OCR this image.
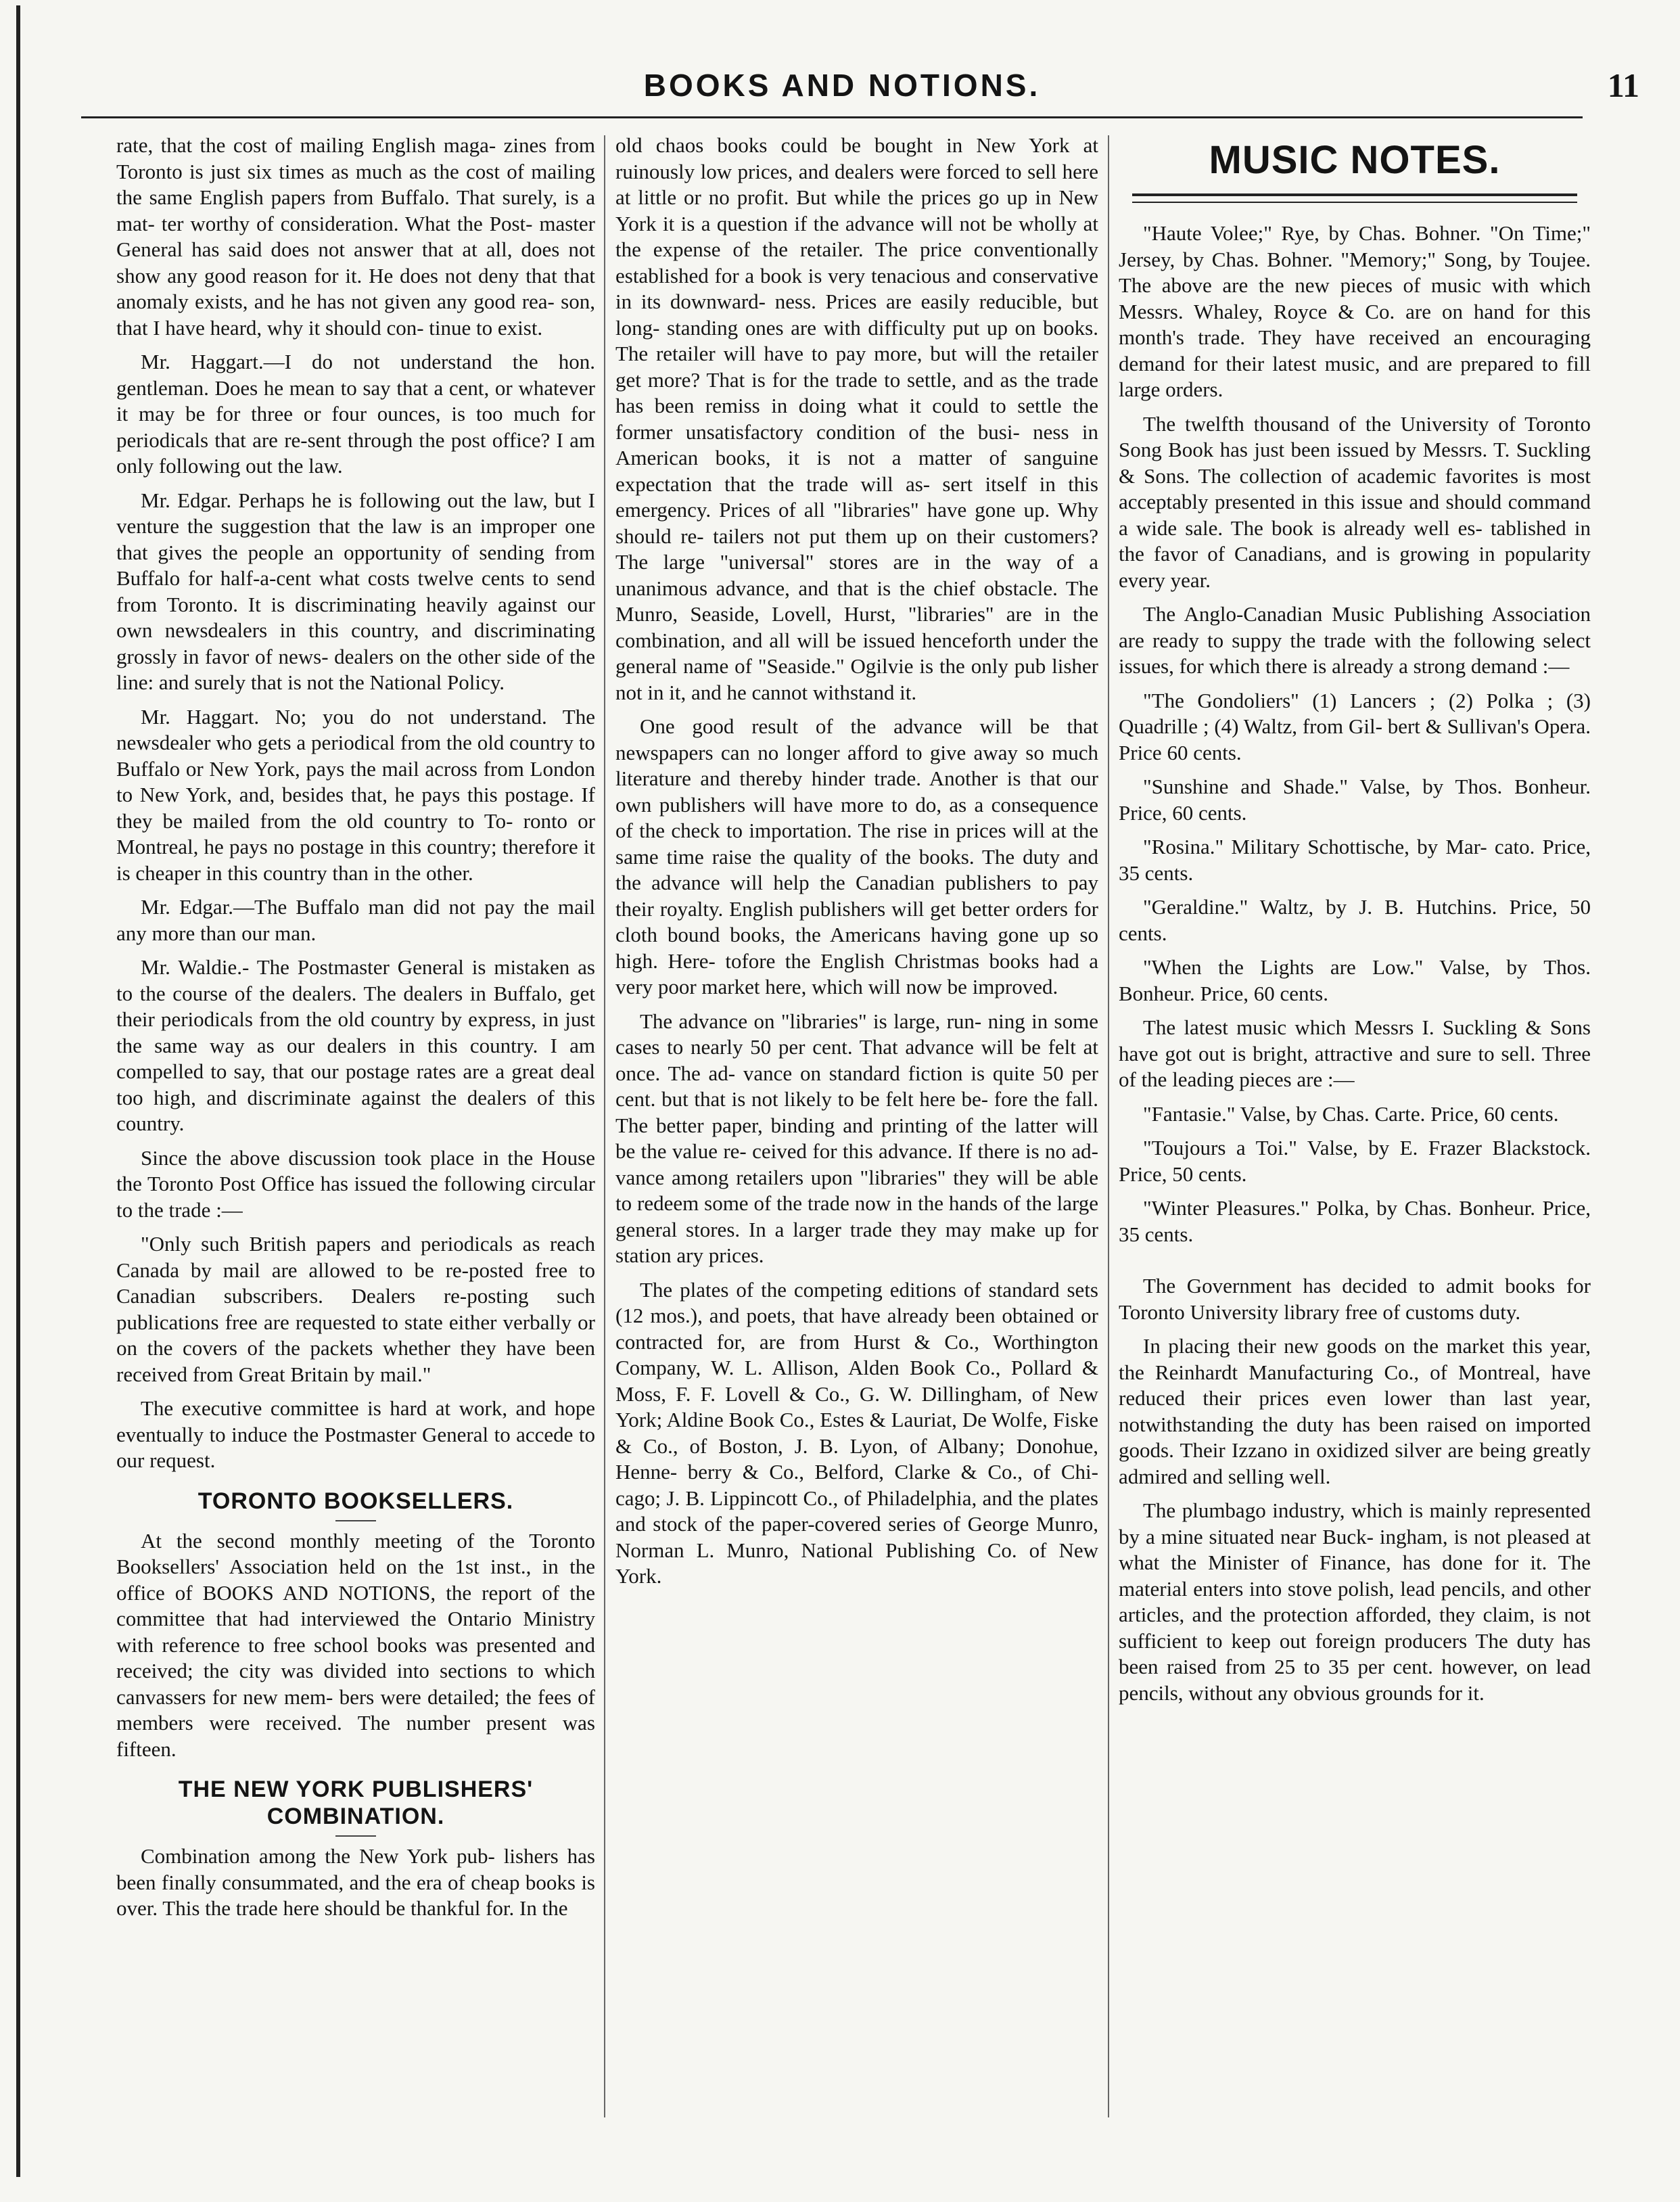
BOOKS AND NOTIONS.	11

rate, that the cost of mailing English maga- zines from Toronto is just six times as much as the cost of mailing the same English papers from Buffalo. That surely, is a mat- ter worthy of consideration. What the Post- master General has said does not answer that at all, does not show any good reason for it. He does not deny that that anomaly exists, and he has not given any good rea- son, that I have heard, why it should con- tinue to exist.

Mr. Haggart.—I do not understand the hon. gentleman. Does he mean to say that a cent, or whatever it may be for three or four ounces, is too much for periodicals that are re-sent through the post office? I am only following out the law.

Mr. Edgar. Perhaps he is following out the law, but I venture the suggestion that the law is an improper one that gives the people an opportunity of sending from Buffalo for half-a-cent what costs twelve cents to send from Toronto. It is discriminating heavily against our own newsdealers in this country, and discriminating grossly in favor of news- dealers on the other side of the line: and surely that is not the National Policy.

Mr. Haggart. No; you do not understand. The newsdealer who gets a periodical from the old country to Buffalo or New York, pays the mail across from London to New York, and, besides that, he pays this postage. If they be mailed from the old country to To- ronto or Montreal, he pays no postage in this country; therefore it is cheaper in this country than in the other.

Mr. Edgar.—The Buffalo man did not pay the mail any more than our man.

Mr. Waldie.- The Postmaster General is mistaken as to the course of the dealers. The dealers in Buffalo, get their periodicals from the old country by express, in just the same way as our dealers in this country. I am compelled to say, that our postage rates are a great deal too high, and discriminate against the dealers of this country.

Since the above discussion took place in the House the Toronto Post Office has issued the following circular to the trade :—

"Only such British papers and periodicals as reach Canada by mail are allowed to be re-posted free to Canadian subscribers. Dealers re-posting such publications free are requested to state either verbally or on the covers of the packets whether they have been received from Great Britain by mail."

The executive committee is hard at work, and hope eventually to induce the Postmaster General to accede to our request.

TORONTO BOOKSELLERS.

At the second monthly meeting of the Toronto Booksellers' Association held on the 1st inst., in the office of BOOKS AND NOTIONS, the report of the committee that had interviewed the Ontario Ministry with reference to free school books was presented and received; the city was divided into sections to which canvassers for new mem- bers were detailed; the fees of members were received. The number present was fifteen.

THE NEW YORK PUBLISHERS' COMBINATION.

Combination among the New York pub- lishers has been finally consummated, and the era of cheap books is over. This the trade here should be thankful for. In the

old chaos books could be bought in New York at ruinously low prices, and dealers were forced to sell here at little or no profit. But while the prices go up in New York it is a question if the advance will not be wholly at the expense of the retailer. The price conventionally established for a book is very tenacious and conservative in its downward- ness. Prices are easily reducible, but long- standing ones are with difficulty put up on books. The retailer will have to pay more, but will the retailer get more? That is for the trade to settle, and as the trade has been remiss in doing what it could to settle the former unsatisfactory condition of the busi- ness in American books, it is not a matter of sanguine expectation that the trade will as- sert itself in this emergency. Prices of all "libraries" have gone up. Why should re- tailers not put them up on their customers? The large "universal" stores are in the way of a unanimous advance, and that is the chief obstacle. The Munro, Seaside, Lovell, Hurst, "libraries" are in the combination, and all will be issued henceforth under the general name of "Seaside." Ogilvie is the only pub lisher not in it, and he cannot withstand it.

One good result of the advance will be that newspapers can no longer afford to give away so much literature and thereby hinder trade. Another is that our own publishers will have more to do, as a consequence of the check to importation. The rise in prices will at the same time raise the quality of the books. The duty and the advance will help the Canadian publishers to pay their royalty. English publishers will get better orders for cloth bound books, the Americans having gone up so high. Here- tofore the English Christmas books had a very poor market here, which will now be improved.

The advance on "libraries" is large, run- ning in some cases to nearly 50 per cent. That advance will be felt at once. The ad- vance on standard fiction is quite 50 per cent. but that is not likely to be felt here be- fore the fall. The better paper, binding and printing of the latter will be the value re- ceived for this advance. If there is no ad- vance among retailers upon "libraries" they will be able to redeem some of the trade now in the hands of the large general stores. In a larger trade they may make up for station ary prices.

The plates of the competing editions of standard sets (12 mos.), and poets, that have already been obtained or contracted for, are from Hurst & Co., Worthington Company, W. L. Allison, Alden Book Co., Pollard & Moss, F. F. Lovell & Co., G. W. Dillingham, of New York; Aldine Book Co., Estes & Lauriat, De Wolfe, Fiske & Co., of Boston, J. B. Lyon, of Albany; Donohue, Henne- berry & Co., Belford, Clarke & Co., of Chi- cago; J. B. Lippincott Co., of Philadelphia, and the plates and stock of the paper-covered series of George Munro, Norman L. Munro, National Publishing Co. of New York.

MUSIC NOTES.

"Haute Volee;" Rye, by Chas. Bohner. "On Time;" Jersey, by Chas. Bohner. "Memory;" Song, by Toujee. The above are the new pieces of music with which Messrs. Whaley, Royce & Co. are on hand for this month's trade. They have received an encouraging demand for their latest music, and are prepared to fill large orders.

The twelfth thousand of the University of Toronto Song Book has just been issued by Messrs. T. Suckling & Sons. The collection of academic favorites is most acceptably presented in this issue and should command a wide sale. The book is already well es- tablished in the favor of Canadians, and is growing in popularity every year.

The Anglo-Canadian Music Publishing Association are ready to suppy the trade with the following select issues, for which there is already a strong demand :—

"The Gondoliers" (1) Lancers ; (2) Polka ; (3) Quadrille ; (4) Waltz, from Gil- bert & Sullivan's Opera. Price 60 cents.

"Sunshine and Shade." Valse, by Thos. Bonheur. Price, 60 cents.

"Rosina." Military Schottische, by Mar- cato. Price, 35 cents.

"Geraldine." Waltz, by J. B. Hutchins. Price, 50 cents.

"When the Lights are Low." Valse, by Thos. Bonheur. Price, 60 cents.

The latest music which Messrs I. Suckling & Sons have got out is bright, attractive and sure to sell. Three of the leading pieces are :—

"Fantasie." Valse, by Chas. Carte. Price, 60 cents.

"Toujours a Toi." Valse, by E. Frazer Blackstock. Price, 50 cents.

"Winter Pleasures." Polka, by Chas. Bonheur. Price, 35 cents.

The Government has decided to admit books for Toronto University library free of customs duty.

In placing their new goods on the market this year, the Reinhardt Manufacturing Co., of Montreal, have reduced their prices even lower than last year, notwithstanding the duty has been raised on imported goods. Their Izzano in oxidized silver are being greatly admired and selling well.

The plumbago industry, which is mainly represented by a mine situated near Buck- ingham, is not pleased at what the Minister of Finance, has done for it. The material enters into stove polish, lead pencils, and other articles, and the protection afforded, they claim, is not sufficient to keep out foreign producers The duty has been raised from 25 to 35 per cent. however, on lead pencils, without any obvious grounds for it.
